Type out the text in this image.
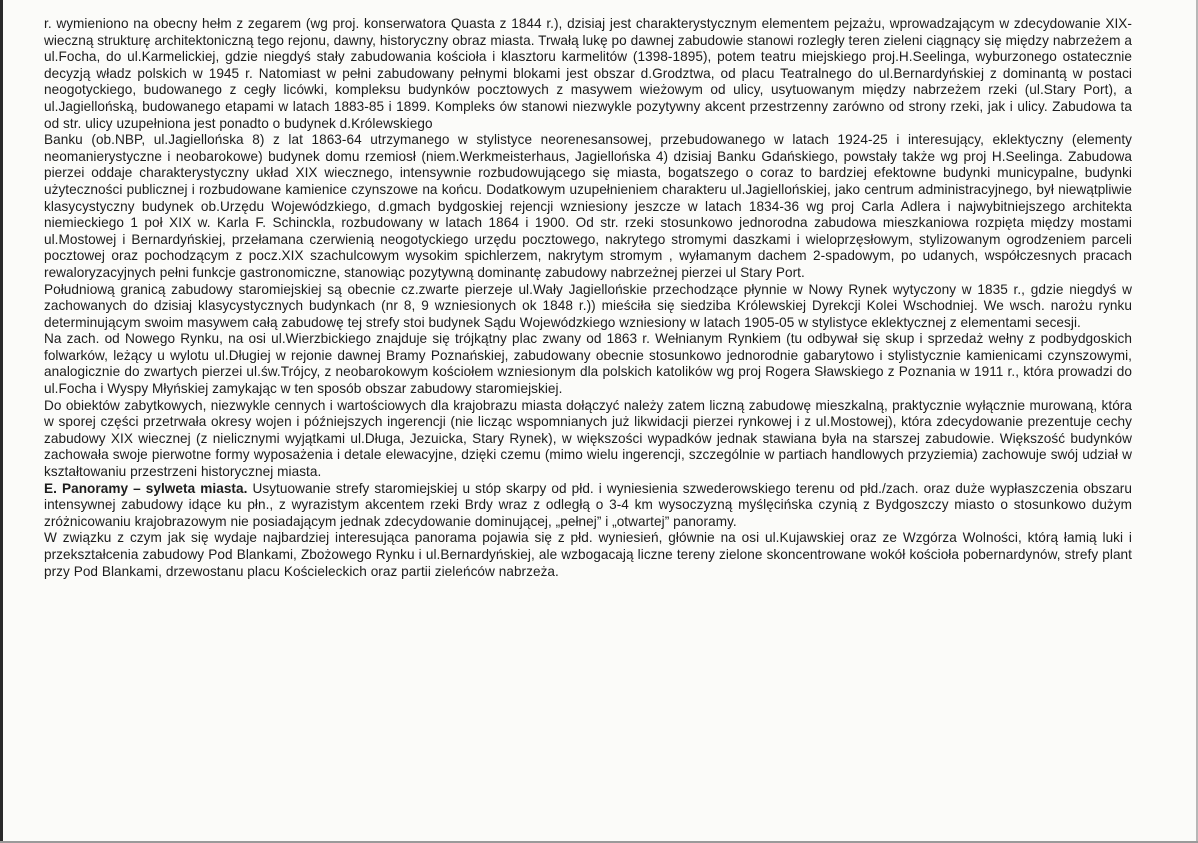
r. wymieniono na obecny hełm z zegarem (wg proj. konserwatora Quasta z 1844 r.), dzisiaj jest charakterystycznym elementem pejzażu, wprowadzającym w zdecydowanie XIX-wieczną strukturę architektoniczną tego rejonu, dawny, historyczny obraz miasta. Trwałą lukę po dawnej zabudowie stanowi rozległy teren zieleni ciągnący się między nabrzeżem a ul.Focha, do ul.Karmelickiej, gdzie niegdyś stały zabudowania kościoła i klasztoru karmelitów (1398-1895), potem teatru miejskiego proj.H.Seelinga, wyburzonego ostatecznie decyzją władz polskich w 1945 r. Natomiast w pełni zabudowany pełnymi blokami jest obszar d.Grodztwa, od placu Teatralnego do ul.Bernardyńskiej z dominantą w postaci neogotyckiego, budowanego z cegły licówki, kompleksu budynków pocztowych z masywem wieżowym od ulicy, usytuowanym między nabrzeżem rzeki (ul.Stary Port), a ul.Jagiellońską, budowanego etapami w latach 1883-85 i 1899. Kompleks ów stanowi niezwykle pozytywny akcent przestrzenny zarówno od strony rzeki, jak i ulicy. Zabudowa ta od str. ulicy uzupełniona jest ponadto o budynek d.Królewskiego

Banku (ob.NBP, ul.Jagiellońska 8) z lat 1863-64 utrzymanego w stylistyce neorenesansowej, przebudowanego w latach 1924-25 i interesujący, eklektyczny (elementy neomanierystyczne i neobarokowe) budynek domu rzemiosł (niem.Werkmeisterhaus, Jagiellońska 4) dzisiaj Banku Gdańskiego, powstały także wg proj H.Seelinga. Zabudowa pierzei oddaje charakterystyczny układ XIX wiecznego, intensywnie rozbudowującego się miasta, bogatszego o coraz to bardziej efektowne budynki municypalne, budynki użyteczności publicznej i rozbudowane kamienice czynszowe na końcu. Dodatkowym uzupełnieniem charakteru ul.Jagiellońskiej, jako centrum administracyjnego, był niewątpliwie klasycystyczny budynek ob.Urzędu Wojewódzkiego, d.gmach bydgoskiej rejencji wzniesiony jeszcze w latach 1834-36 wg proj Carla Adlera i najwybitniejszego architekta niemieckiego 1 poł XIX w. Karla F. Schinckla, rozbudowany w latach 1864 i 1900. Od str. rzeki stosunkowo jednorodna zabudowa mieszkaniowa rozpięta między mostami ul.Mostowej i Bernardyńskiej, przełamana czerwienią neogotyckiego urzędu pocztowego, nakrytego stromymi daszkami i wieloprzęsłowym, stylizowanym ogrodzeniem parceli pocztowej oraz pochodzącym z pocz.XIX szachulcowym wysokim spichlerzem, nakrytym stromym , wyłamanym dachem 2-spadowym, po udanych, współczesnych pracach rewaloryzacyjnych pełni funkcje gastronomiczne, stanowiąc pozytywną dominantę zabudowy nabrzeżnej pierzei ul Stary Port.

Południową granicą zabudowy staromiejskiej są obecnie cz.zwarte pierzeje ul.Wały Jagiellońskie przechodzące płynnie w Nowy Rynek wytyczony w 1835 r., gdzie niegdyś w zachowanych do dzisiaj klasycystycznych budynkach (nr 8, 9 wzniesionych ok 1848 r.)) mieściła się siedziba Królewskiej Dyrekcji Kolei Wschodniej. We wsch. narożu rynku determinującym swoim masywem całą zabudowę tej strefy stoi budynek Sądu Wojewódzkiego wzniesiony w latach 1905-05 w stylistyce eklektycznej z elementami secesji.

Na zach. od Nowego Rynku, na osi ul.Wierzbickiego znajduje się trójkątny plac zwany od 1863 r. Wełnianym Rynkiem (tu odbywał się skup i sprzedaż wełny z podbydgoskich folwarków, leżący u wylotu ul.Długiej w rejonie dawnej Bramy Poznańskiej, zabudowany obecnie stosunkowo jednorodnie gabarytowo i stylistycznie kamienicami czynszowymi, analogicznie do zwartych pierzei ul.św.Trójcy, z neobarokowym kościołem wzniesionym dla polskich katolików wg proj Rogera Sławskiego z Poznania w 1911 r., która prowadzi do ul.Focha i Wyspy Młyńskiej zamykając w ten sposób obszar zabudowy staromiejskiej.

Do obiektów zabytkowych, niezwykle cennych i wartościowych dla krajobrazu miasta dołączyć należy zatem liczną zabudowę mieszkalną, praktycznie wyłącznie murowaną, która w sporej części przetrwała okresy wojen i późniejszych ingerencji (nie licząc wspomnianych już likwidacji pierzei rynkowej i z ul.Mostowej), która zdecydowanie prezentuje cechy zabudowy XIX wiecznej (z nielicznymi wyjątkami ul.Długa, Jezuicka, Stary Rynek), w większości wypadków jednak stawiana była na starszej zabudowie. Większość budynków zachowała swoje pierwotne formy wyposażenia i detale elewacyjne, dzięki czemu (mimo wielu ingerencji, szczególnie w partiach handlowych przyziemia) zachowuje swój udział w kształtowaniu przestrzeni historycznej miasta.

E. Panoramy – sylweta miasta. Usytuowanie strefy staromiejskiej u stóp skarpy od płd. i wyniesienia szwederowskiego terenu od płd./zach. oraz duże wypłaszczenia obszaru intensywnej zabudowy idące ku płn., z wyrazistym akcentem rzeki Brdy wraz z odległą o 3-4 km wysoczyzną myślęcińska czynią z Bydgoszczy miasto o stosunkowo dużym zróżnicowaniu krajobrazowym nie posiadającym jednak zdecydowanie dominującej, „pełnej” i „otwartej” panoramy.

W związku z czym jak się wydaje najbardziej interesująca panorama pojawia się z płd. wyniesień, głównie na osi ul.Kujawskiej oraz ze Wzgórza Wolności, którą łamią luki i przekształcenia zabudowy Pod Blankami, Zbożowego Rynku i ul.Bernardyńskiej, ale wzbogacają liczne tereny zielone skoncentrowane wokół kościoła pobernardynów, strefy plant przy Pod Blankami, drzewostanu placu Kościeleckich oraz partii zieleńców nabrzeża.
